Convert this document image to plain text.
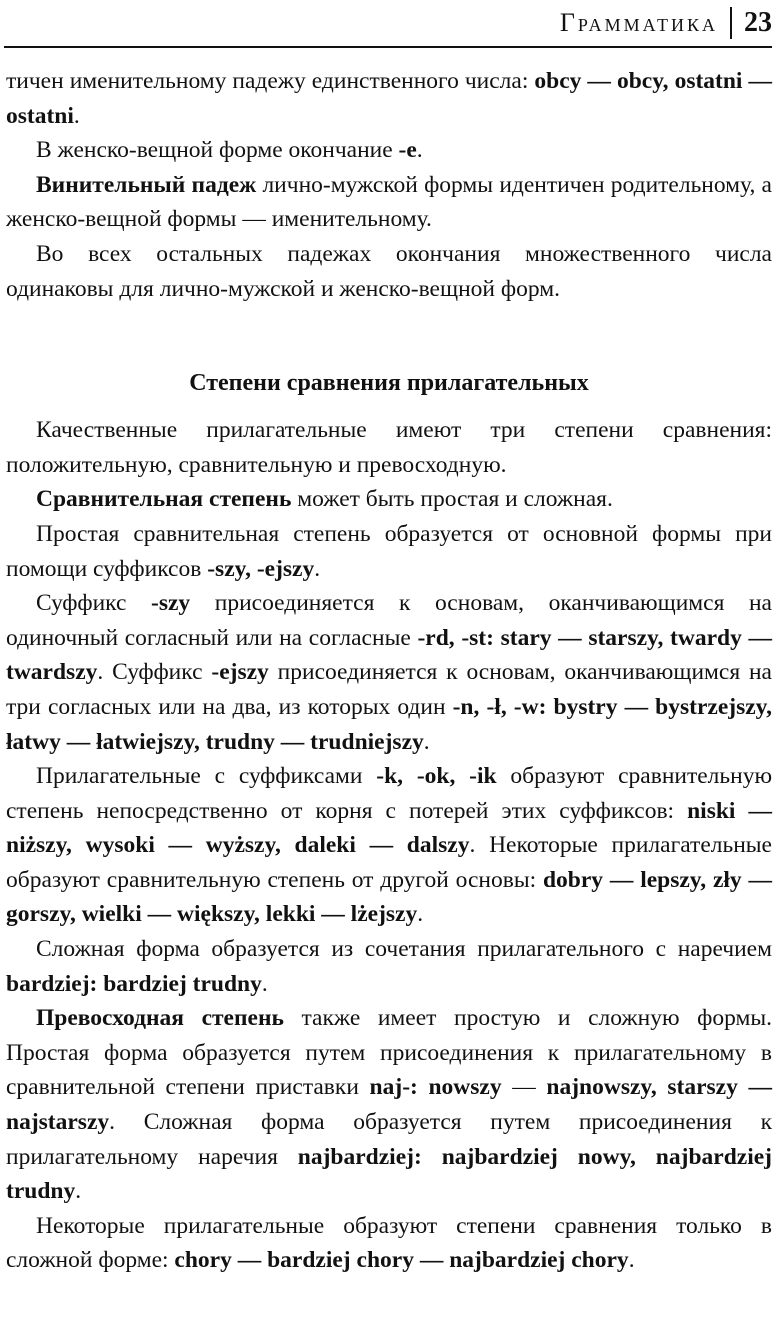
Грамматика 23

тичен именительному падежу единственного числа: obcy — obcy, ostatni — ostatni.

В женско-вещной форме окончание -e.

Винительный падеж лично-мужской формы идентичен родительному, а женско-вещной формы — именительному.

Во всех остальных падежах окончания множественного числа одинаковы для лично-мужской и женско-вещной форм.

Степени сравнения прилагательных

Качественные прилагательные имеют три степени сравнения: положительную, сравнительную и превосходную.

Сравнительная степень может быть простая и сложная.

Простая сравнительная степень образуется от основной формы при помощи суффиксов -szy, -ejszy.

Суффикс -szy присоединяется к основам, оканчивающимся на одиночный согласный или на согласные -rd, -st: stary — starszy, twardy — twardszy. Суффикс -ejszy присоединяется к основам, оканчивающимся на три согласных или на два, из которых один -n, -ł, -w: bystry — bystrzejszy, łatwy — łatwiejszy, trudny — trudniejszy.

Прилагательные с суффиксами -k, -ok, -ik образуют сравнительную степень непосредственно от корня с потерей этих суффиксов: niski — niższy, wysoki — wyższy, daleki — dalszy. Некоторые прилагательные образуют сравнительную степень от другой основы: dobry — lepszy, zły — gorszy, wielki — większy, lekki — lżejszy.

Сложная форма образуется из сочетания прилагательного с наречием bardziej: bardziej trudny.

Превосходная степень также имеет простую и сложную формы. Простая форма образуется путем присоединения к прилагательному в сравнительной степени приставки naj-: nowszy — najnowszy, starszy — najstarszy. Сложная форма образуется путем присоединения к прилагательному наречия najbardziej: najbardziej nowy, najbardziej trudny.

Некоторые прилагательные образуют степени сравнения только в сложной форме: chory — bardziej chory — najbardziej chory.
